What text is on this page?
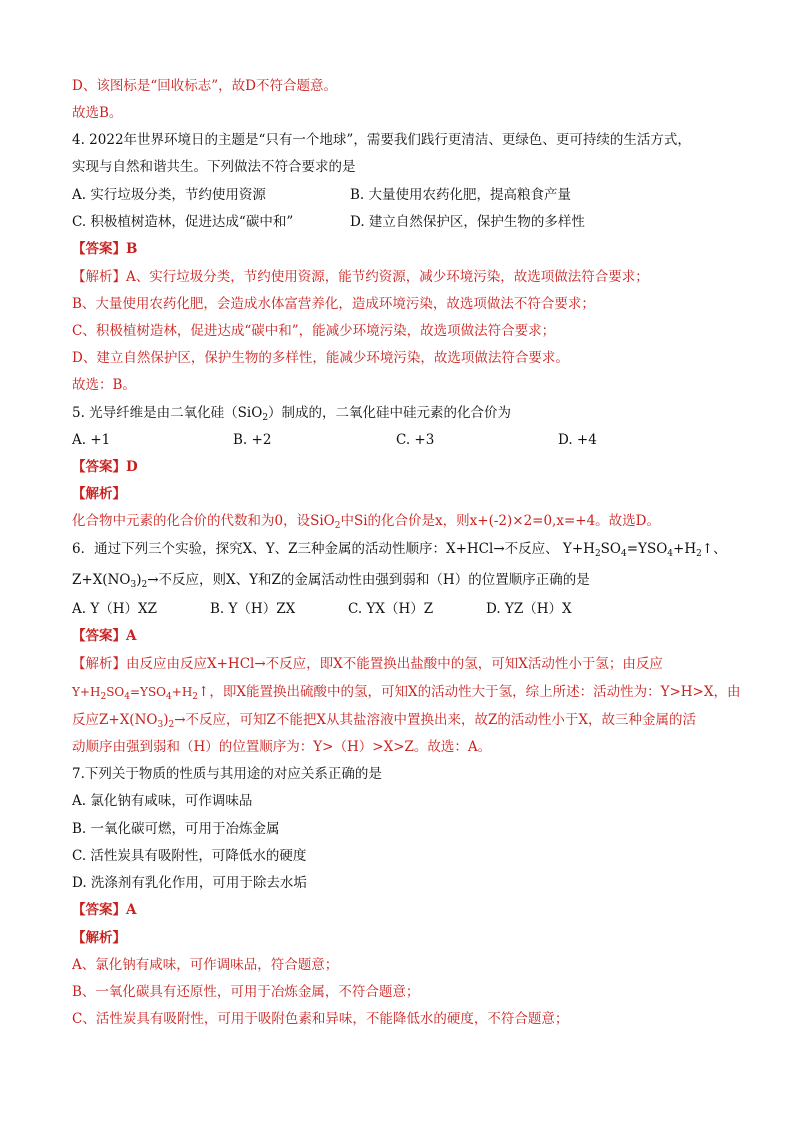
D、该图标是“回收标志”，故D不符合题意。
故选B。
4. 2022年世界环境日的主题是“只有一个地球”，需要我们践行更清洁、更绿色、更可持续的生活方式，
实现与自然和谐共生。下列做法不符合要求的是
A. 实行垃圾分类，节约使用资源	B. 大量使用农药化肥，提高粮食产量
C. 积极植树造林，促进达成“碳中和”	D. 建立自然保护区，保护生物的多样性
【答案】B
【解析】A、实行垃圾分类，节约使用资源，能节约资源，减少环境污染，故选项做法符合要求；
B、大量使用农药化肥，会造成水体富营养化，造成环境污染，故选项做法不符合要求；
C、积极植树造林，促进达成“碳中和”，能减少环境污染，故选项做法符合要求；
D、建立自然保护区，保护生物的多样性，能减少环境污染，故选项做法符合要求。
故选：B。
5. 光导纤维是由二氧化硅（SiO$_2$）制成的，二氧化硅中硅元素的化合价为
A. +1	B. +2	C. +3	D. +4
【答案】D
【解析】
化合物中元素的化合价的代数和为0，设SiO$_2$中Si的化合价是x，则x+(-2)×2=0,x=+4。故选D。
6．通过下列三个实验，探究X、Y、Z三种金属的活动性顺序：X+HCl→不反应、 $Y+H_2SO_4=YSO_4+H_2↑$、
$Z+X(NO_3)_2\to$不反应，则X、Y和Z的金属活动性由强到弱和（H）的位置顺序正确的是
A. Y（H）XZ	B. Y（H）ZX	C. YX（H）Z	D. YZ（H）X
【答案】A
【解析】由反应由反应X+HCl→不反应，即X不能置换出盐酸中的氢，可知X活动性小于氢；由反应
$Y+H_2SO_4=YSO_4+H_2↑$，即X能置换出硫酸中的氢，可知X的活动性大于氢，综上所述：活动性为：Y>H>X，由
反应$Z+X(NO_3)_2\to$不反应，可知Z不能把X从其盐溶液中置换出来，故Z的活动性小于X，故三种金属的活
动顺序由强到弱和（H）的位置顺序为：Y>（H）>X>Z。故选：A。
7.下列关于物质的性质与其用途的对应关系正确的是
A. 氯化钠有咸味，可作调味品
B. 一氧化碳可燃，可用于冶炼金属
C. 活性炭具有吸附性，可降低水的硬度
D. 洗涤剂有乳化作用，可用于除去水垢
【答案】A
【解析】
A、氯化钠有咸味，可作调味品，符合题意；
B、一氧化碳具有还原性，可用于冶炼金属，不符合题意；
C、活性炭具有吸附性，可用于吸附色素和异味，不能降低水的硬度，不符合题意；
